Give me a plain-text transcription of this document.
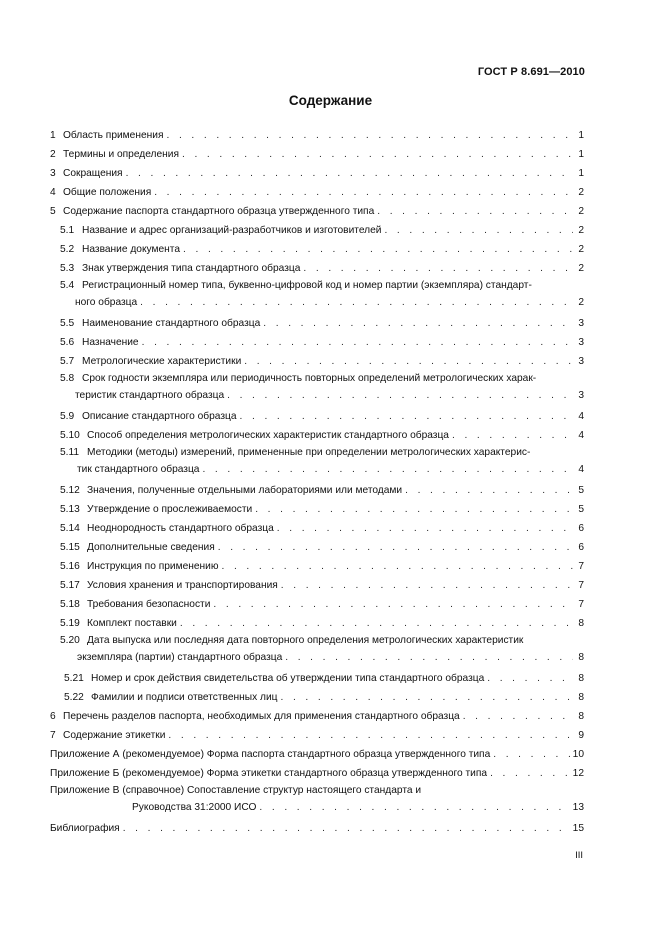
ГОСТ Р 8.691—2010
Содержание
1 Область применения . . .	1
2 Термины и определения . . .	1
3 Сокращения . . .	1
4 Общие положения . . .	2
5 Содержание паспорта стандартного образца утвержденного типа . . .	2
5.1 Название и адрес организаций-разработчиков и изготовителей . . .	2
5.2 Название документа . . .	2
5.3 Знак утверждения типа стандартного образца . . .	2
5.4 Регистрационный номер типа, буквенно-цифровой код и номер партии (экземпляра) стандарт-
ного образца . . .	2
5.5 Наименование стандартного образца . . .	3
5.6 Назначение . . .	3
5.7 Метрологические характеристики . . .	3
5.8 Срок годности экземпляра или периодичность повторных определений метрологических харак-
теристик стандартного образца . . .	3
5.9 Описание стандартного образца . . .	4
5.10 Способ определения метрологических характеристик стандартного образца . . .	4
5.11 Методики (методы) измерений, примененные при определении метрологических характерис-
тик стандартного образца . . .	4
5.12 Значения, полученные отдельными лабораториями или методами . . .	5
5.13 Утверждение о прослеживаемости . . .	5
5.14 Неоднородность стандартного образца . . .	6
5.15 Дополнительные сведения . . .	6
5.16 Инструкция по применению . . .	7
5.17 Условия хранения и транспортирования . . .	7
5.18 Требования безопасности . . .	7
5.19 Комплект поставки . . .	8
5.20 Дата выпуска или последняя дата повторного определения метрологических характеристик
экземпляра (партии) стандартного образца . . .	8
5.21 Номер и срок действия свидетельства об утверждении типа стандартного образца . . .	8
5.22 Фамилии и подписи ответственных лиц . . .	8
6 Перечень разделов паспорта, необходимых для применения стандартного образца . . .	8
7 Содержание этикетки . . .	9
Приложение А (рекомендуемое) Форма паспорта стандартного образца утвержденного типа . . .	10
Приложение Б (рекомендуемое) Форма этикетки стандартного образца утвержденного типа . . .	12
Приложение В (справочное) Сопоставление структур настоящего стандарта и
Руководства 31:2000 ИСО . . .	13
Библиография . . .	15
III
